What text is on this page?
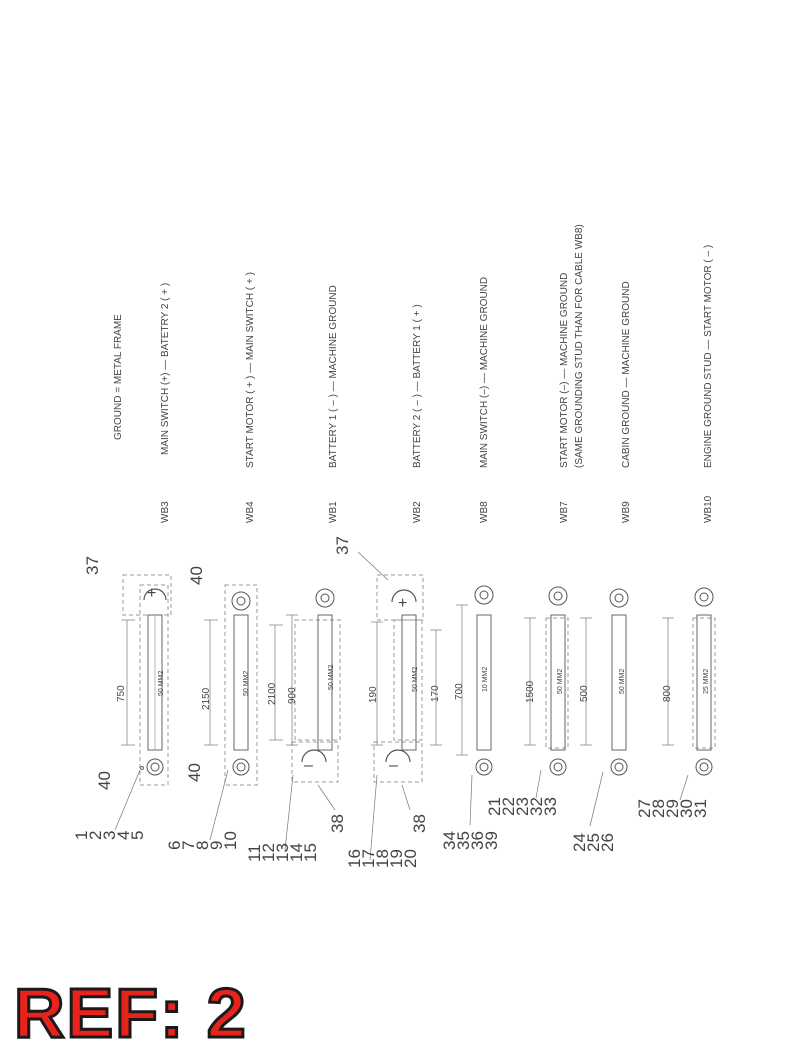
GROUND = METAL FRAME
WB3
MAIN SWITCH (+) — BATETRY 2 ( + )
+
750	50 MM2
40
37
1
2
3
4
5
WB4
START MOTOR ( + ) — MAIN SWITCH ( + )
2150
50 MM2
40
40
6
7
8
9
10
WB1
BATTERY 1 ( – ) — MACHINE GROUND
–
2100 900
50 MM2
38
11
12
13
14
15
WB2
BATTERY 2 ( – ) — BATTERY 1 ( + )
+
–
190	170
50 MM2
38
37
16
17
18
19
20
WB8
MAIN SWITCH (–) — MACHINE GROUND
700 10 MM2
34
35
36
39
WB7
START MOTOR (–) — MACHINE GROUND (SAME GROUNDING STUD THAN FOR CABLE WB8)
1500	50 MM2
21
22
23
32
33
WB9
CABIN GROUND — MACHINE GROUND
500	50 MM2
24
25
26
WB10
ENGINE GROUND STUD — START MOTOR ( – )
800	25 MM2
27
28
29
30
31
REF: 2
